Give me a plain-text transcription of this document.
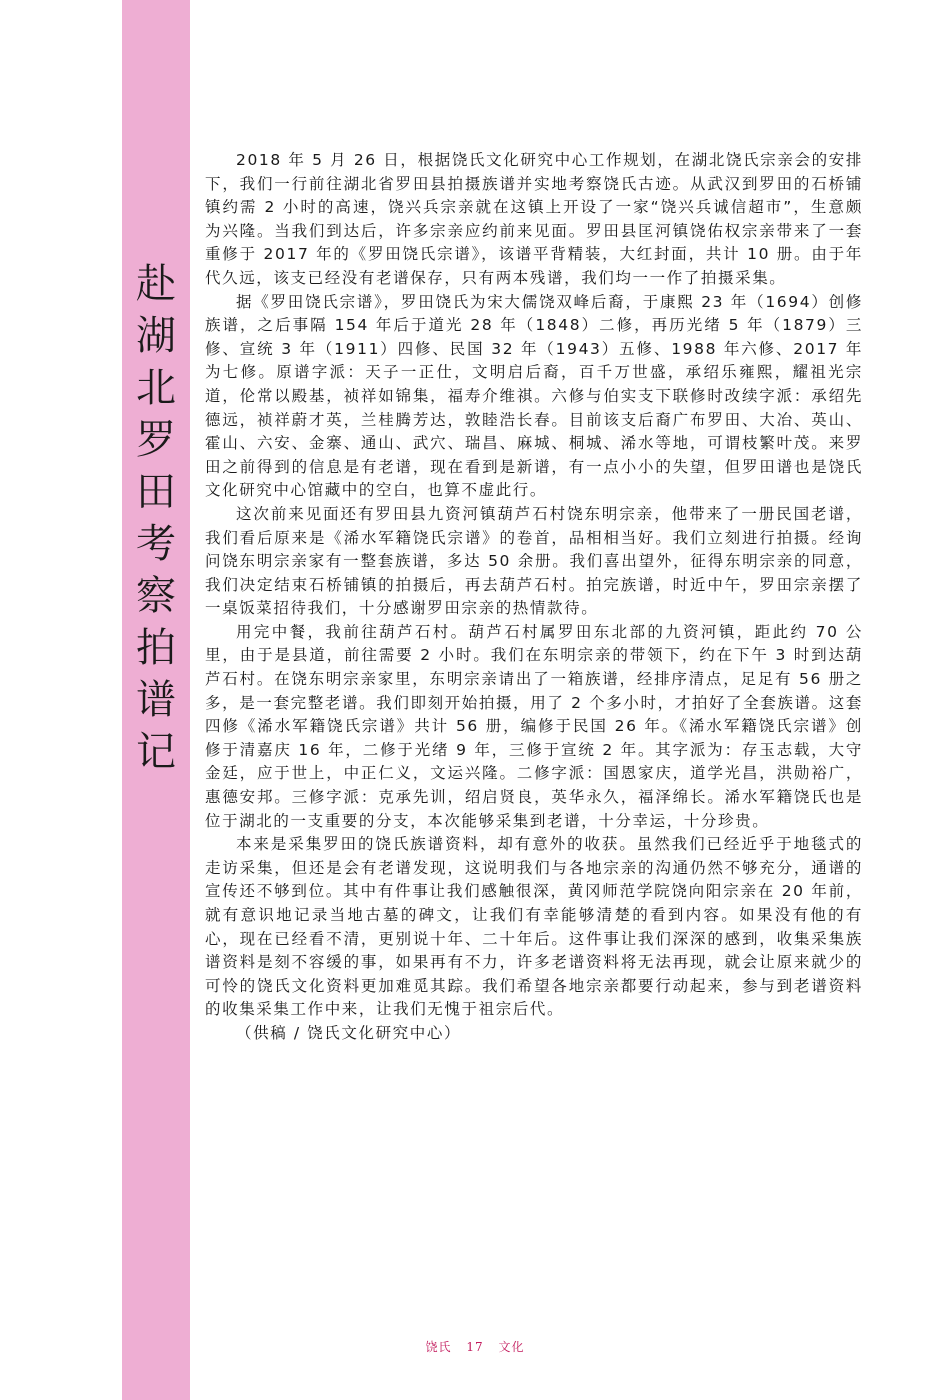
赴
湖
北
罗
田
考
察
拍
谱
记

2018 年 5 月 26 日，根据饶氏文化研究中心工作规划，在湖北饶氏宗亲会的安排下，我们一行前往湖北省罗田县拍摄族谱并实地考察饶氏古迹。从武汉到罗田的石桥铺镇约需 2 小时的高速，饶兴兵宗亲就在这镇上开设了一家“饶兴兵诚信超市”，生意颇为兴隆。当我们到达后，许多宗亲应约前来见面。罗田县匡河镇饶佑权宗亲带来了一套重修于 2017 年的《罗田饶氏宗谱》，该谱平背精装，大红封面，共计 10 册。由于年代久远，该支已经没有老谱保存，只有两本残谱，我们均一一作了拍摄采集。

据《罗田饶氏宗谱》，罗田饶氏为宋大儒饶双峰后裔，于康熙 23 年（1694）创修族谱，之后事隔 154 年后于道光 28 年（1848）二修，再历光绪 5 年（1879）三修、宣统 3 年（1911）四修、民国 32 年（1943）五修、1988 年六修、2017 年为七修。原谱字派：天子一正仕，文明启后裔，百千万世盛，承绍乐雍熙，耀祖光宗道，伦常以殿基，祯祥如锦集，福寿介维祺。六修与伯实支下联修时改续字派：承绍先德远，祯祥蔚才英，兰桂腾芳达，敦睦浩长春。目前该支后裔广布罗田、大冶、英山、霍山、六安、金寨、通山、武穴、瑞昌、麻城、桐城、浠水等地，可谓枝繁叶茂。来罗田之前得到的信息是有老谱，现在看到是新谱，有一点小小的失望，但罗田谱也是饶氏文化研究中心馆藏中的空白，也算不虚此行。

这次前来见面还有罗田县九资河镇葫芦石村饶东明宗亲，他带来了一册民国老谱，我们看后原来是《浠水军籍饶氏宗谱》的卷首，品相相当好。我们立刻进行拍摄。经询问饶东明宗亲家有一整套族谱，多达 50 余册。我们喜出望外，征得东明宗亲的同意，我们决定结束石桥铺镇的拍摄后，再去葫芦石村。拍完族谱，时近中午，罗田宗亲摆了一桌饭菜招待我们，十分感谢罗田宗亲的热情款待。

用完中餐，我前往葫芦石村。葫芦石村属罗田东北部的九资河镇，距此约 70 公里，由于是县道，前往需要 2 小时。我们在东明宗亲的带领下，约在下午 3 时到达葫芦石村。在饶东明宗亲家里，东明宗亲请出了一箱族谱，经排序清点，足足有 56 册之多，是一套完整老谱。我们即刻开始拍摄，用了 2 个多小时，才拍好了全套族谱。这套四修《浠水军籍饶氏宗谱》共计 56 册，编修于民国 26 年。《浠水军籍饶氏宗谱》创修于清嘉庆 16 年，二修于光绪 9 年，三修于宣统 2 年。其字派为：存玉志载，大守金廷，应于世上，中正仁义，文运兴隆。二修字派：国恩家庆，道学光昌，洪勋裕广，惠德安邦。三修字派：克承先训，绍启贤良，英华永久，福泽绵长。浠水军籍饶氏也是位于湖北的一支重要的分支，本次能够采集到老谱，十分幸运，十分珍贵。

本来是采集罗田的饶氏族谱资料，却有意外的收获。虽然我们已经近乎于地毯式的走访采集，但还是会有老谱发现，这说明我们与各地宗亲的沟通仍然不够充分，通谱的宣传还不够到位。其中有件事让我们感触很深，黄冈师范学院饶向阳宗亲在 20 年前，就有意识地记录当地古墓的碑文，让我们有幸能够清楚的看到内容。如果没有他的有心，现在已经看不清，更别说十年、二十年后。这件事让我们深深的感到，收集采集族谱资料是刻不容缓的事，如果再有不力，许多老谱资料将无法再现，就会让原来就少的可怜的饶氏文化资料更加难觅其踪。我们希望各地宗亲都要行动起来，参与到老谱资料的收集采集工作中来，让我们无愧于祖宗后代。

（供稿 / 饶氏文化研究中心）

饶氏 17 文化
